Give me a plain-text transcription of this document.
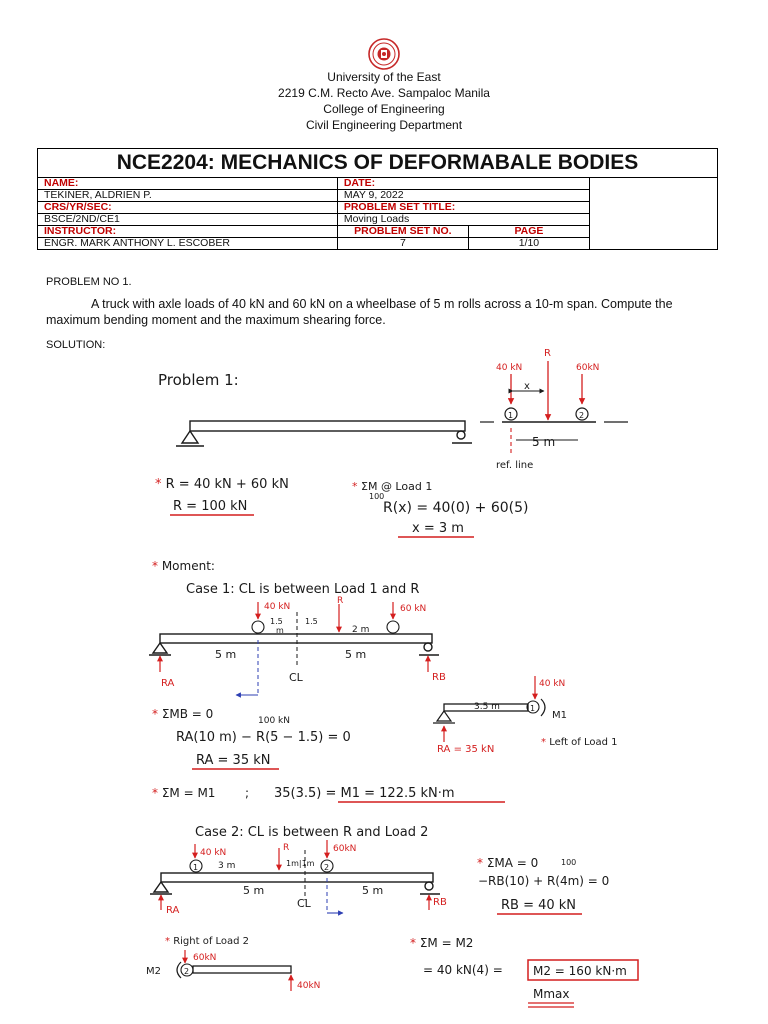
University of the East
2219 C.M. Recto Ave. Sampaloc Manila
College of Engineering
Civil Engineering Department
NCE2204: MECHANICS OF DEFORMABALE BODIES			
NAME:	DATE:		
TEKINER, ALDRIEN P.	MAY 9, 2022		
CRS/YR/SEC:	PROBLEM SET TITLE:		
BSCE/2ND/CE1	Moving Loads		
INSTRUCTOR:	PROBLEM SET NO.	PAGE	
ENGR. MARK ANTHONY L. ESCOBER	7	1/10	
PROBLEM NO 1.
A truck with axle loads of 40 kN and 60 kN on a wheelbase of 5 m rolls across a 10-m span. Compute the maximum bending moment and the maximum shearing force.
SOLUTION:
Problem 1:
40 kN
R
60kN
x
1	2
5 m
ref. line
* R = 40 kN + 60 kN
R = 100 kN
* ΣM @ Load 1
100
R(x) = 40(0) + 60(5)
x = 3 m
* Moment:
Case 1: CL is between Load 1 and R
40 kN
R
60 kN
1.5
m
1.5
2 m
5 m	5 m
CL
RA
RB
1
40 kN
M1
3.5 m
RA = 35 kN
* Left of Load 1
* ΣMB = 0	100 kN
RA(10 m) − R(5 − 1.5) = 0
RA = 35 kN
* ΣM = M1 ; 35(3.5) = M1 = 122.5 kN·m
Case 2: CL is between R and Load 2
1	2
40 kN	R	60kN
3 m	1m|1m
5 m	5 m
CL
RA
RB
* ΣMA = 0	100
−RB(10) + R(4m) = 0
RB = 40 kN
* Right of Load 2
60kN
2
M2
40kN
* ΣM = M2
= 40 kN(4) =	M2 = 160 kN·m
Mmax
